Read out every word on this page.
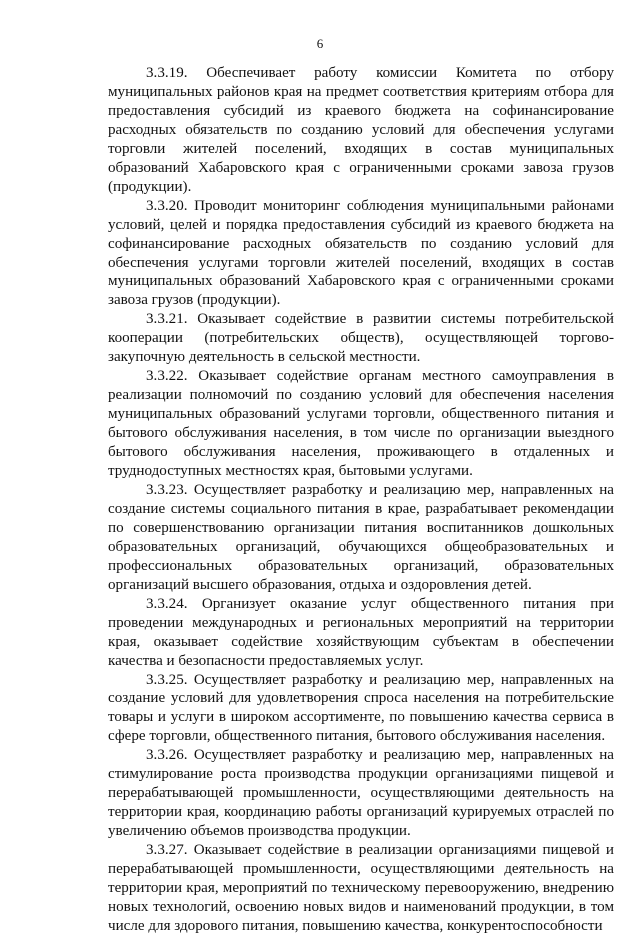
6

3.3.19. Обеспечивает работу комиссии Комитета по отбору муниципальных районов края на предмет соответствия критериям отбора для предоставления субсидий из краевого бюджета на софинансирование расходных обязательств по созданию условий для обеспечения услугами торговли жителей поселений, входящих в состав муниципальных образований Хабаровского края с ограниченными сроками завоза грузов (продукции).

3.3.20. Проводит мониторинг соблюдения муниципальными районами условий, целей и порядка предоставления субсидий из краевого бюджета на софинансирование расходных обязательств по созданию условий для обеспечения услугами торговли жителей поселений, входящих в состав муниципальных образований Хабаровского края с ограниченными сроками завоза грузов (продукции).

3.3.21. Оказывает содействие в развитии системы потребительской кооперации (потребительских обществ), осуществляющей торгово-закупочную деятельность в сельской местности.

3.3.22. Оказывает содействие органам местного самоуправления в реализации полномочий по созданию условий для обеспечения населения муниципальных образований услугами торговли, общественного питания и бытового обслуживания населения, в том числе по организации выездного бытового обслуживания населения, проживающего в отдаленных и труднодоступных местностях края, бытовыми услугами.

3.3.23. Осуществляет разработку и реализацию мер, направленных на создание системы социального питания в крае, разрабатывает рекомендации по совершенствованию организации питания воспитанников дошкольных образовательных организаций, обучающихся общеобразовательных и профессиональных образовательных организаций, образовательных организаций высшего образования, отдыха и оздоровления детей.

3.3.24. Организует оказание услуг общественного питания при проведении международных и региональных мероприятий на территории края, оказывает содействие хозяйствующим субъектам в обеспечении качества и безопасности предоставляемых услуг.

3.3.25. Осуществляет разработку и реализацию мер, направленных на создание условий для удовлетворения спроса населения на потребительские товары и услуги в широком ассортименте, по повышению качества сервиса в сфере торговли, общественного питания, бытового обслуживания населения.

3.3.26. Осуществляет разработку и реализацию мер, направленных на стимулирование роста производства продукции организациями пищевой и перерабатывающей промышленности, осуществляющими деятельность на территории края, координацию работы организаций курируемых отраслей по увеличению объемов производства продукции.

3.3.27. Оказывает содействие в реализации организациями пищевой и перерабатывающей промышленности, осуществляющими деятельность на территории края, мероприятий по техническому перевооружению, внедрению новых технологий, освоению новых видов и наименований продукции, в том числе для здорового питания, повышению качества, конкурентоспособности
